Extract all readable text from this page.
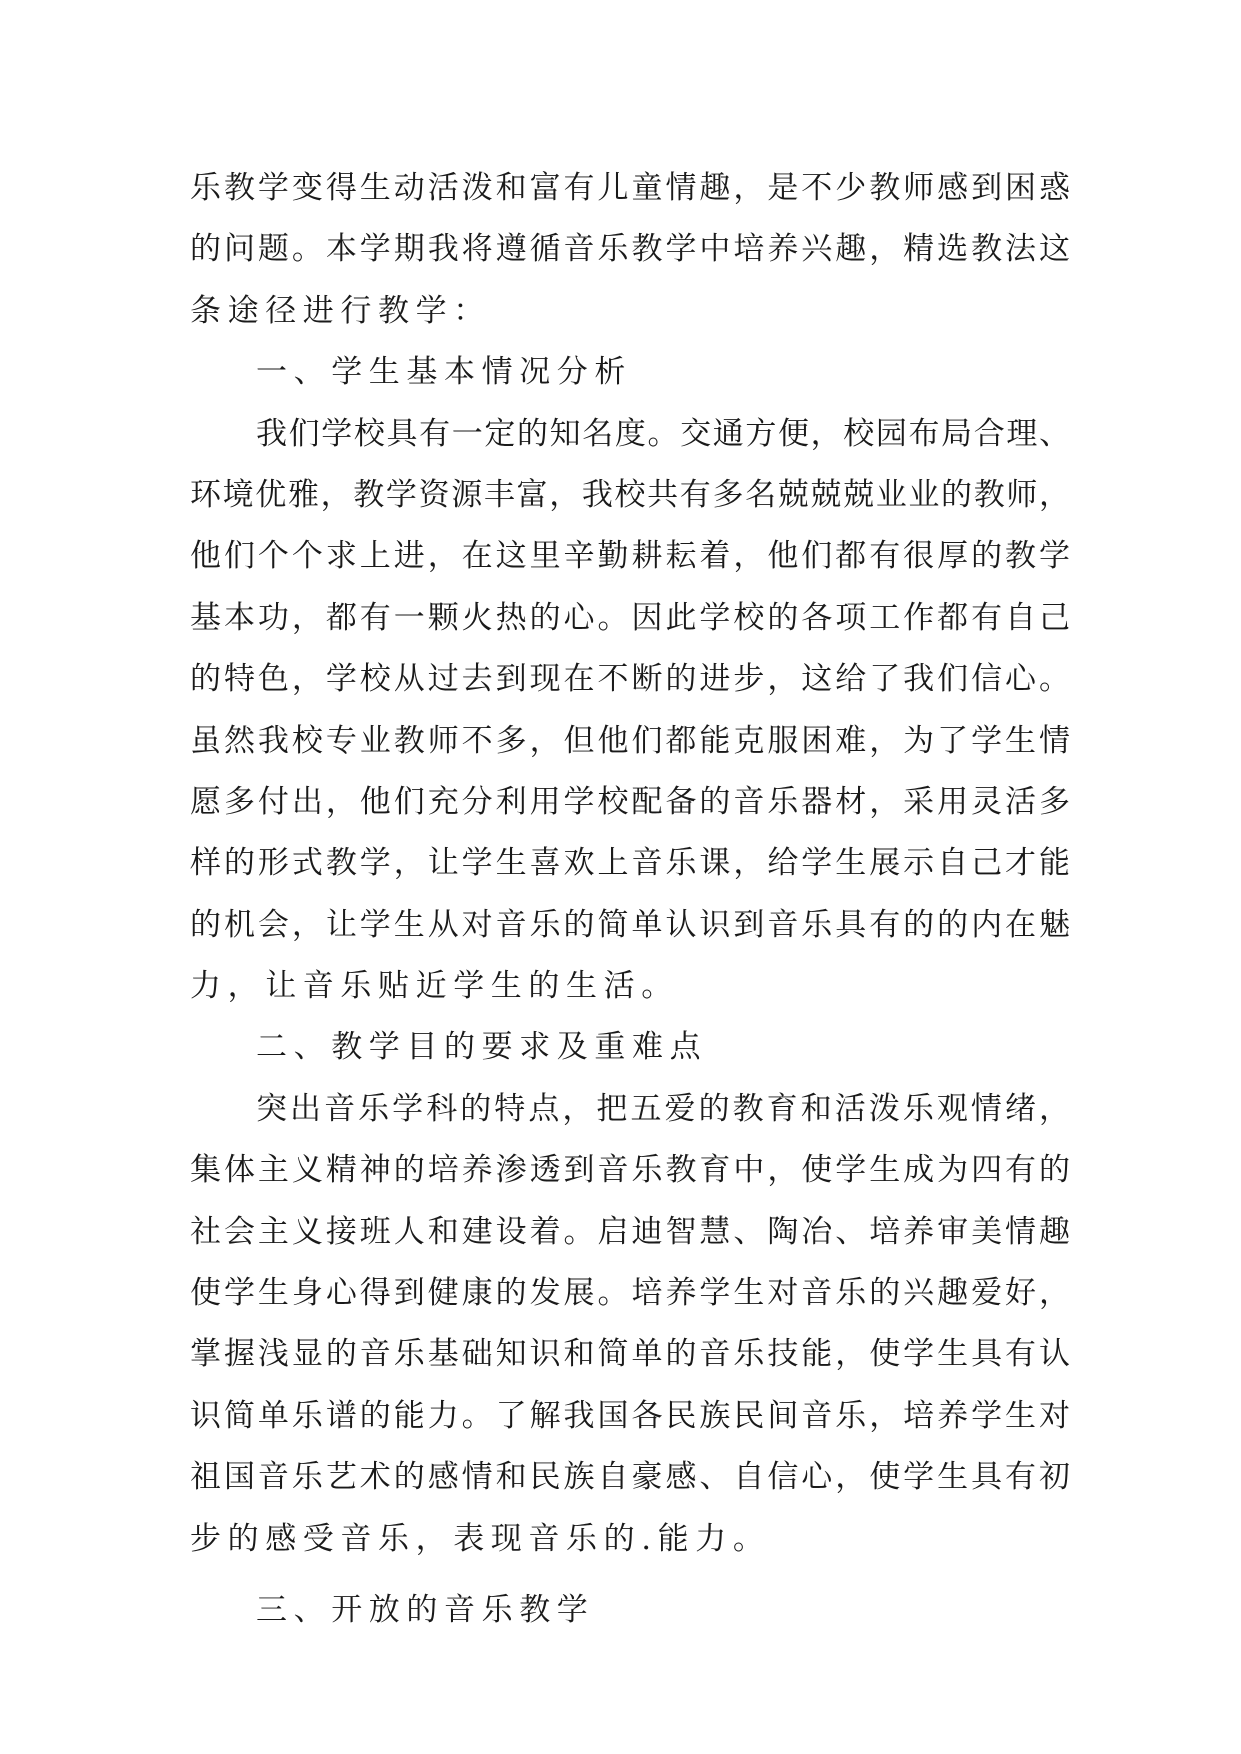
乐教学变得生动活泼和富有儿童情趣，是不少教师感到困惑
的问题。本学期我将遵循音乐教学中培养兴趣，精选教法这
条途径进行教学：
一、学生基本情况分析
我们学校具有一定的知名度。交通方便，校园布局合理、
环境优雅，教学资源丰富，我校共有多名兢兢兢业业的教师，
他们个个求上进，在这里辛勤耕耘着，他们都有很厚的教学
基本功，都有一颗火热的心。因此学校的各项工作都有自己
的特色，学校从过去到现在不断的进步，这给了我们信心。
虽然我校专业教师不多，但他们都能克服困难，为了学生情
愿多付出，他们充分利用学校配备的音乐器材，采用灵活多
样的形式教学，让学生喜欢上音乐课，给学生展示自己才能
的机会，让学生从对音乐的简单认识到音乐具有的的内在魅
力，让音乐贴近学生的生活。
二、教学目的要求及重难点
突出音乐学科的特点，把五爱的教育和活泼乐观情绪，
集体主义精神的培养渗透到音乐教育中，使学生成为四有的
社会主义接班人和建设着。启迪智慧、陶冶、培养审美情趣
使学生身心得到健康的发展。培养学生对音乐的兴趣爱好，
掌握浅显的音乐基础知识和简单的音乐技能，使学生具有认
识简单乐谱的能力。了解我国各民族民间音乐，培养学生对
祖国音乐艺术的感情和民族自豪感、自信心，使学生具有初
步的感受音乐，表现音乐的.能力。
三、开放的音乐教学
